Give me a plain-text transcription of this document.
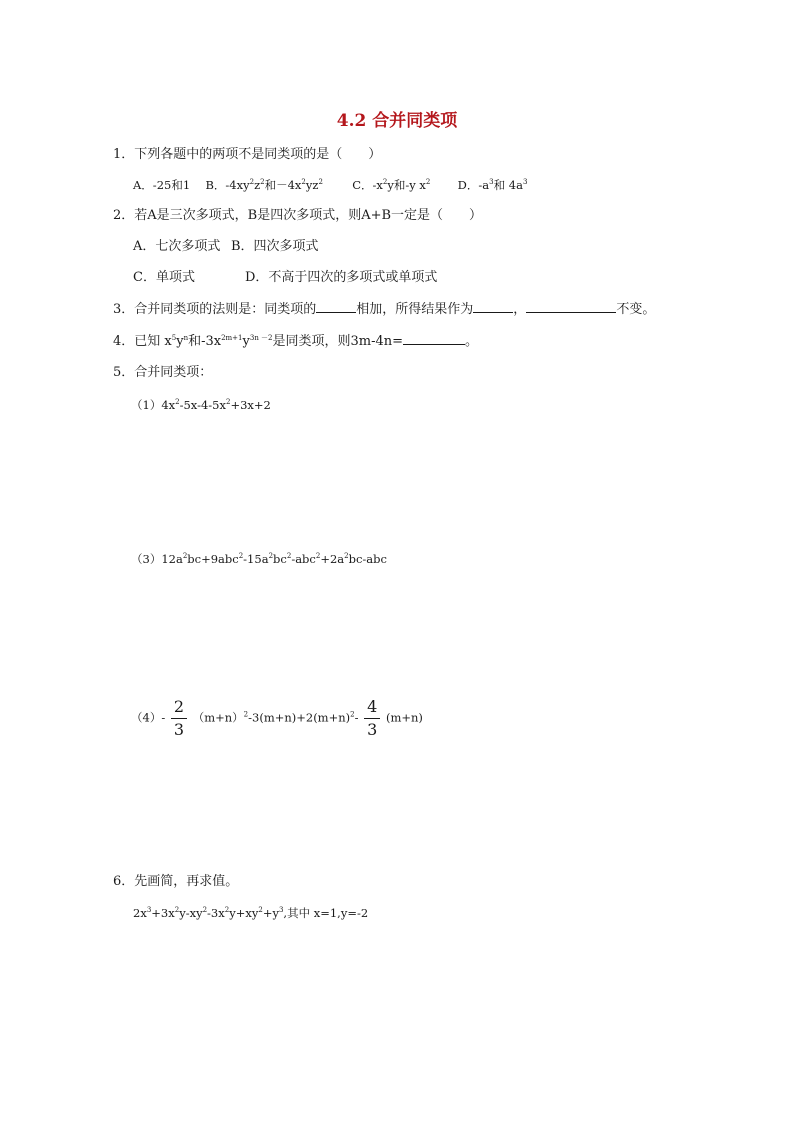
4.2 合并同类项
1．下列各题中的两项不是同类项的是（　　）
A．-25和1 B．$-4xy^2z^2$和$-4x^2yz^2$	C．$-x^2y$和-y $x^2$ D．$-a^3$和 $4a^3$
2．若A是三次多项式，B是四次多项式，则A+B一定是（　　）
A．七次多项式 B．四次多项式
C．单项式	D．不高于四次的多项式或单项式
3．合并同类项的法则是：同类项的	相加，所得结果作为	，	不变。
4．已知 $x^5y^n$和$-3x^{2m+1}y^{3n -2}$是同类项，则3m-4n=	。
5．合并同类项：
$(1)4x^2-5x-4-5x^2+3x+2$
$(3)12a^2bc+9abc^2-15a^2bc^2-abc^2+2a^2bc$-abc
$(4)- \frac{2}{3} (m+n)^2-3(m+n)+2(m+n)^2- \frac{4}{3} (m+n)$
6．先画简，再求值。
$2x^3+3x^2y-xy^2-3x^2y+xy^2+y^3$,其中 x=1,y=-2
